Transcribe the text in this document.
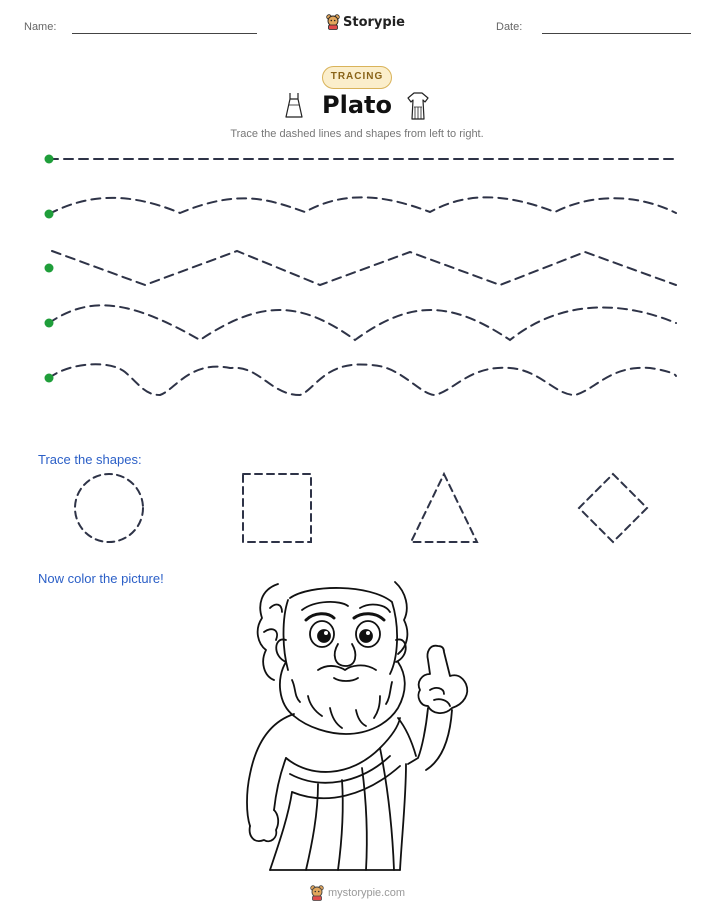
Name:	Storypie	Date:
TRACING
Plato
Trace the dashed lines and shapes from left to right.
Trace the shapes:
Now color the picture!
mystorypie.com
